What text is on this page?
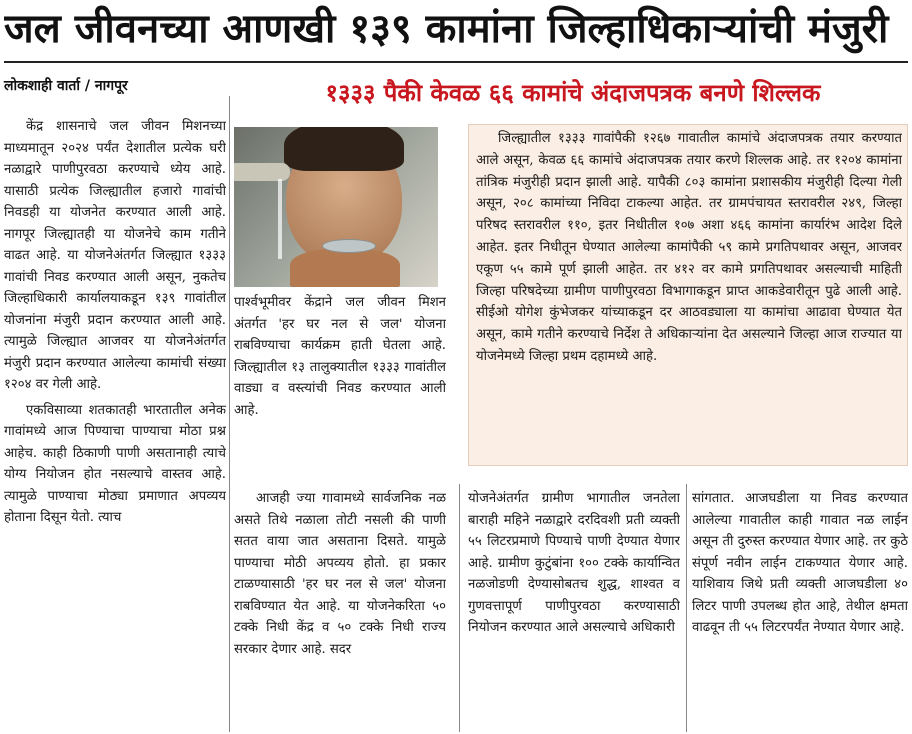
जल जीवनच्या आणखी १३९ कामांना जिल्हाधिकाऱ्यांची मंजुरी
लोकशाही वार्ता / नागपूर	१३३३ पैकी केवळ ६६ कामांचे अंदाजपत्रक बनणे शिल्लक

केंद्र शासनाचे जल जीवन मिशनच्या माध्यमातून २०२४ पर्यंत देशातील प्रत्येक घरी नळाद्वारे पाणीपुरवठा करण्याचे ध्येय आहे. यासाठी प्रत्येक जिल्ह्यातील हजारो गावांची निवडही या योजनेत करण्यात आली आहे. नागपूर जिल्ह्यातही या योजनेचे काम गतीने वाढत आहे. या योजनेअंतर्गत जिल्ह्यात १३३३ गावांची निवड करण्यात आली असून, नुकतेच जिल्हाधिकारी कार्यालयाकडून १३९ गावांतील योजनांना मंजुरी प्रदान करण्यात आली आहे. त्यामुळे जिल्ह्यात आजवर या योजनेअंतर्गत मंजुरी प्रदान करण्यात आलेल्या कामांची संख्या १२०४ वर गेली आहे.

एकविसाव्या शतकातही भारतातील अनेक गावांमध्ये आज पिण्याचा पाण्याचा मोठा प्रश्न आहेच. काही ठिकाणी पाणी असतानाही त्याचे योग्य नियोजन होत नसल्याचे वास्तव आहे. त्यामुळे पाण्याचा मोठ्या प्रमाणात अपव्यय होताना दिसून येतो. त्याच

पार्श्वभूमीवर केंद्राने जल जीवन मिशन अंतर्गत 'हर घर नल से जल' योजना राबविण्याचा कार्यक्रम हाती घेतला आहे. जिल्ह्यातील १३ तालुक्यातील १३३३ गावांतील वाड्या व वस्त्यांची निवड करण्यात आली आहे.

आजही ज्या गावामध्ये सार्वजनिक नळ असते तिथे नळाला तोटी नसली की पाणी सतत वाया जात असताना दिसते. यामुळे पाण्याचा मोठी अपव्यय होतो. हा प्रकार टाळण्यासाठी 'हर घर नल से जल' योजना राबविण्यात येत आहे. या योजनेकरिता ५० टक्के निधी केंद्र व ५० टक्के निधी राज्य सरकार देणार आहे. सदर

जिल्ह्यातील १३३३ गावांपैकी १२६७ गावातील कामांचे अंदाजपत्रक तयार करण्यात आले असून, केवळ ६६ कामांचे अंदाजपत्रक तयार करणे शिल्लक आहे. तर १२०४ कामांना तांत्रिक मंजुरीही प्रदान झाली आहे. यापैकी ८०३ कामांना प्रशासकीय मंजुरीही दिल्या गेली असून, २०८ कामांच्या निविदा टाकल्या आहेत. तर ग्रामपंचायत स्तरावरील २४९, जिल्हा परिषद स्तरावरील ११०, इतर निधीतील १०७ अशा ४६६ कामांना कार्यारंभ आदेश दिले आहेत. इतर निधीतून घेण्यात आलेल्या कामांपैकी ५९ कामे प्रगतिपथावर असून, आजवर एकूण ५५ कामे पूर्ण झाली आहेत. तर ४१२ वर कामे प्रगतिपथावर असल्याची माहिती जिल्हा परिषदेच्या ग्रामीण पाणीपुरवठा विभागाकडून प्राप्त आकडेवारीतून पुढे आली आहे. सीईओ योगेश कुंभेजकर यांच्याकडून दर आठवड्याला या कामांचा आढावा घेण्यात येत असून, कामे गतीने करण्याचे निर्देश ते अधिकाऱ्यांना देत असल्याने जिल्हा आज राज्यात या योजनेमध्ये जिल्हा प्रथम दहामध्ये आहे.

योजनेअंतर्गत ग्रामीण भागातील जनतेला बाराही महिने नळाद्वारे दरदिवशी प्रती व्यक्ती ५५ लिटरप्रमाणे पिण्याचे पाणी देण्यात येणार आहे. ग्रामीण कुटुंबांना १०० टक्के कार्यान्वित नळजोडणी देण्यासोबतच शुद्ध, शाश्वत व गुणवत्तापूर्ण पाणीपुरवठा करण्यासाठी नियोजन करण्यात आले असल्याचे अधिकारी

सांगतात. आजघडीला या निवड करण्यात आलेल्या गावातील काही गावात नळ लाईन असून ती दुरुस्त करण्यात येणार आहे. तर कुठे संपूर्ण नवीन लाईन टाकण्यात येणार आहे. याशिवाय जिथे प्रती व्यक्ती आजघडीला ४० लिटर पाणी उपलब्ध होत आहे, तेथील क्षमता वाढवून ती ५५ लिटरपर्यंत नेण्यात येणार आहे.
